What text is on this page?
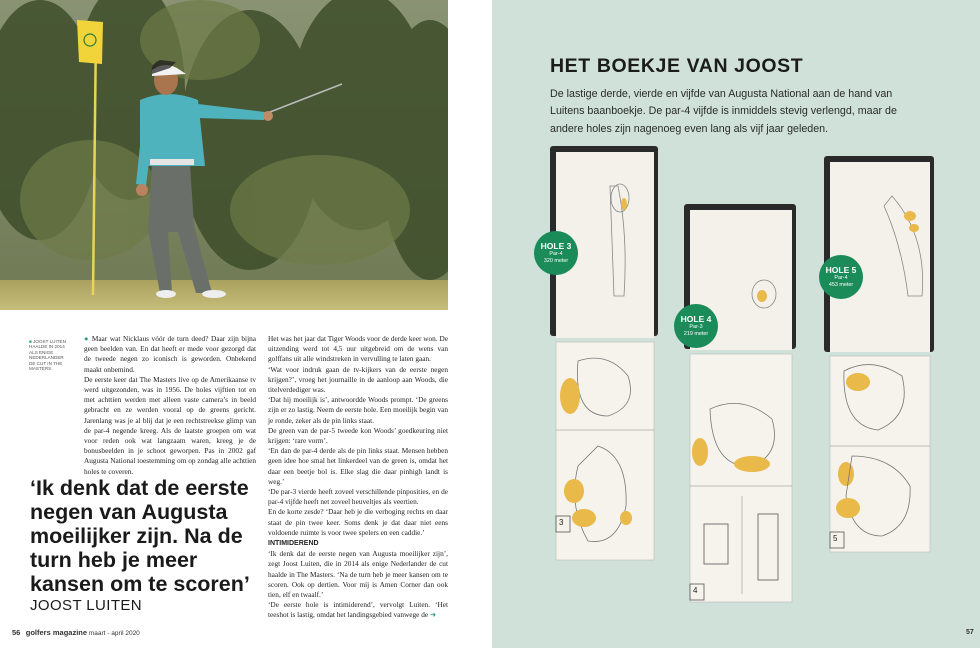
■ JOOST LUITEN
HAALDE IN 2014
ALS ENIGE
NEDERLANDER
DE CUT IN THE
MASTERS.

● Maar wat Nicklaus vóór de turn deed? Daar zijn bijna geen beelden van. En dat heeft er mede voor gezorgd dat de tweede negen zo iconisch is geworden. Onbekend maakt onbemind.

De eerste keer dat The Masters live op de Amerikaanse tv werd uitgezonden, was in 1956. De holes vijftien tot en met achttien werden met alleen vaste camera’s in beeld gebracht en ze werden vooral op de greens gericht. Jarenlang was je al blij dat je een rechtstreekse glimp van de par-4 negende kreeg. Als de laatste groepen om wat voor reden ook wat langzaam waren, kreeg je de bonusbeelden in je schoot geworpen. Pas in 2002 gaf Augusta National toestemming om op zondag alle achttien holes te coveren.

Het was het jaar dat Tiger Woods voor de derde keer won. De uitzending werd tot 4,5 uur uitgebreid om de wens van golffans uit alle windstreken in vervulling te laten gaan.

‘Wat voor indruk gaan de tv-kijkers van de eerste negen krijgen?’, vroeg het journaille in de aanloop aan Woods, die titelverdediger was.

‘Dat hij moeilijk is’, antwoordde Woods prompt. ‘De greens zijn er zo lastig. Neem de eerste hole. Een moeilijk begin van je ronde, zeker als de pin links staat.

De green van de par-5 tweede kon Woods’ goedkeuring niet krijgen: ‘rare vorm’.

‘En dan de par-4 derde als de pin links staat. Mensen hebben geen idee hoe smal het linkerdeel van de green is, omdat het daar een beetje bol is. Elke slag die daar pinhigh landt is weg.’

‘De par-3 vierde heeft zoveel verschillende pinposities, en de par-4 vijfde heeft net zoveel heuveltjes als veertien.

En de korte zesde? ‘Daar heb je die verhoging rechts en daar staat de pin twee keer. Soms denk je dat daar niet eens voldoende ruimte is voor twee spelers en een caddie.’

INTIMIDEREND

‘Ik denk dat de eerste negen van Augusta moeilijker zijn’, zegt Joost Luiten, die in 2014 als enige Nederlander de cut haalde in The Masters. ‘Na de turn heb je meer kansen om te scoren. Ook op dertien. Voor mij is Amen Corner dan ook tien, elf en twaalf.’

‘De eerste hole is intimiderend’, vervolgt Luiten. ‘Het teeshot is lastig, omdat het landingsgebied vanwege de ➜

‘Ik denk dat de eerste negen van Augusta moeilijker zijn. Na de turn heb je meer kansen om te scoren’
JOOST LUITEN
56 golfers magazine maart - april 2020
HET BOEKJE VAN JOOST
De lastige derde, vierde en vijfde van Augusta National aan de hand van Luitens baanboekje. De par-4 vijfde is inmiddels stevig verlengd, maar de andere holes zijn nagenoeg even lang als vijf jaar geleden.
3
4
5
HOLE 3
Par-4
320 meter
HOLE 4
Par-3
219 meter
HOLE 5
Par-4
453 meter
57
